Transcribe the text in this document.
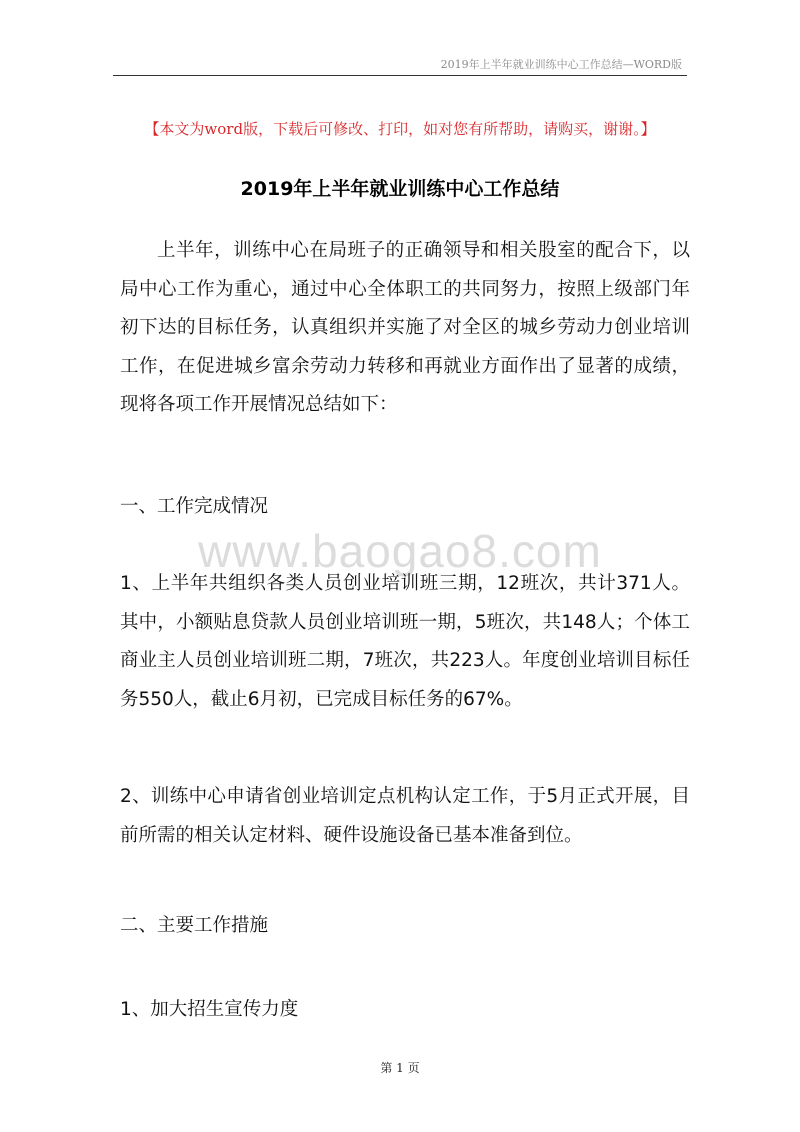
2019年上半年就业训练中心工作总结—WORD版
【本文为word版，下载后可修改、打印，如对您有所帮助，请购买，谢谢。】
2019年上半年就业训练中心工作总结
上半年，训练中心在局班子的正确领导和相关股室的配合下，以局中心工作为重心，通过中心全体职工的共同努力，按照上级部门年初下达的目标任务，认真组织并实施了对全区的城乡劳动力创业培训工作，在促进城乡富余劳动力转移和再就业方面作出了显著的成绩，现将各项工作开展情况总结如下：
一、工作完成情况
www.baogao8.com
1、上半年共组织各类人员创业培训班三期，12班次，共计371人。其中，小额贴息贷款人员创业培训班一期，5班次，共148人；个体工商业主人员创业培训班二期，7班次，共223人。年度创业培训目标任务550人，截止6月初，已完成目标任务的67%。
2、训练中心申请省创业培训定点机构认定工作，于5月正式开展，目前所需的相关认定材料、硬件设施设备已基本准备到位。
二、主要工作措施
1、加大招生宣传力度
第 1 页
